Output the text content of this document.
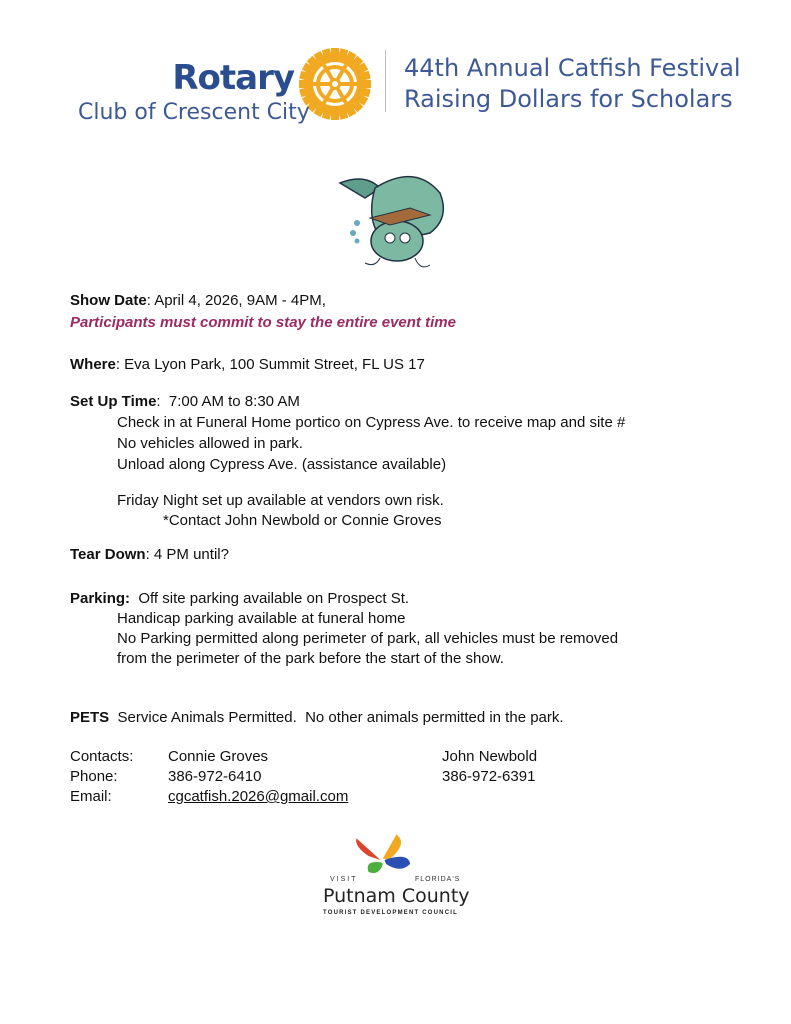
Rotary
Club of Crescent City
44th Annual Catfish Festival
Raising Dollars for Scholars
Show Date: April 4, 2026, 9AM - 4PM,
Participants must commit to stay the entire event time
Where: Eva Lyon Park, 100 Summit Street, FL US 17
Set Up Time:  7:00 AM to 8:30 AM
Check in at Funeral Home portico on Cypress Ave. to receive map and site #
No vehicles allowed in park.
Unload along Cypress Ave. (assistance available)
Friday Night set up available at vendors own risk.
*Contact John Newbold or Connie Groves
Tear Down: 4 PM until?
Parking:  Off site parking available on Prospect St.
Handicap parking available at funeral home
No Parking permitted along perimeter of park, all vehicles must be removed
from the perimeter of the park before the start of the show.
PETS  Service Animals Permitted.  No other animals permitted in the park.
Contacts:
Phone:
Email:
Connie Groves
386-972-6410
cgcatfish.2026@gmail.com
John Newbold
386-972-6391
VISIT	FLORIDA'S
Putnam County
TOURIST DEVELOPMENT COUNCIL
